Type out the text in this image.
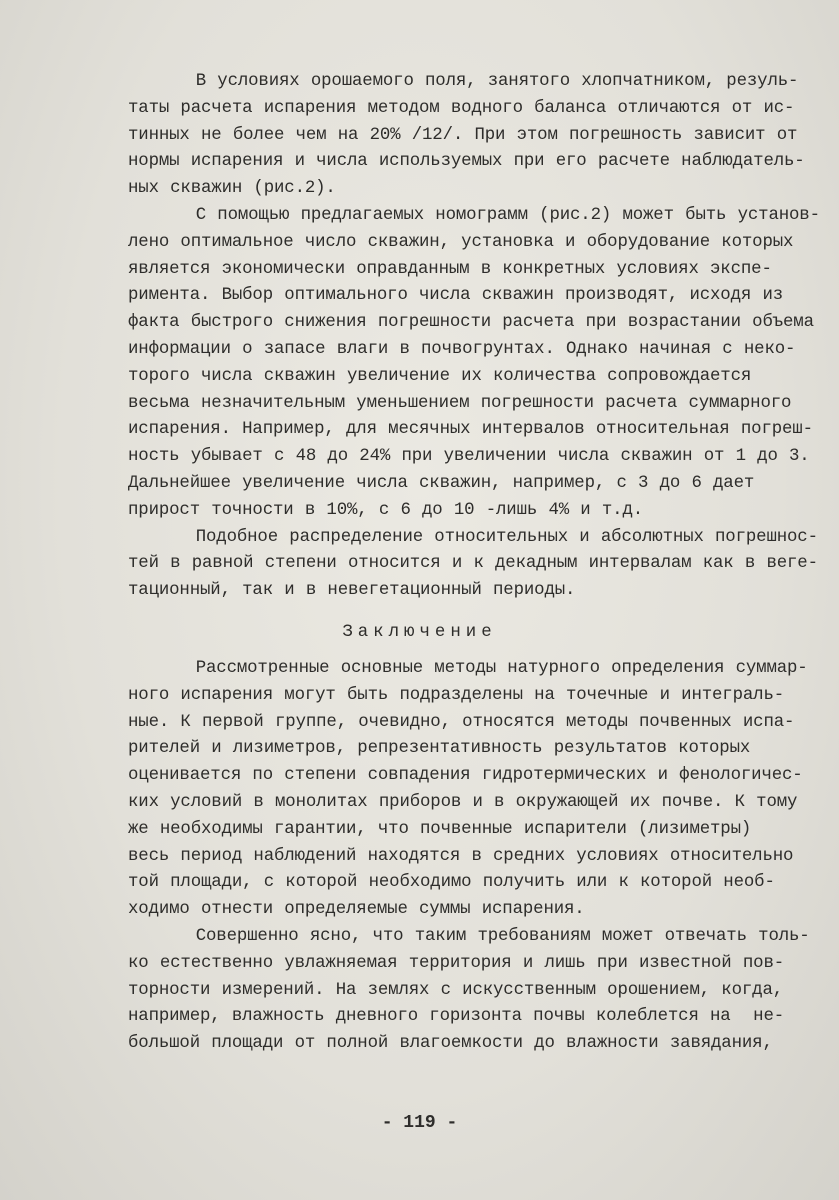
В условиях орошаемого поля, занятого хлопчатником, резуль-
таты расчета испарения методом водного баланса отличаются от ис-
тинных не более чем на 20% /12/. При этом погрешность зависит от
нормы испарения и числа используемых при его расчете наблюдатель-
ных скважин (рис.2).
С помощью предлагаемых номограмм (рис.2) может быть установ-
лено оптимальное число скважин, установка и оборудование которых
является экономически оправданным в конкретных условиях экспе-
римента. Выбор оптимального числа скважин производят, исходя из
факта быстрого снижения погрешности расчета при возрастании объема
информации о запасе влаги в почвогрунтах. Однако начиная с неко-
торого числа скважин увеличение их количества сопровождается
весьма незначительным уменьшением погрешности расчета суммарного
испарения. Например, для месячных интервалов относительная погреш-
ность убывает с 48 до 24% при увеличении числа скважин от 1 до 3.
Дальнейшее увеличение числа скважин, например, с 3 до 6 дает
прирост точности в 10%, с 6 до 10 -лишь 4% и т.д.
Подобное распределение относительных и абсолютных погрешнос-
тей в равной степени относится и к декадным интервалам как в веге-
тационный, так и в невегетационный периоды.
Заключение
Рассмотренные основные методы натурного определения суммар-
ного испарения могут быть подразделены на точечные и интеграль-
ные. К первой группе, очевидно, относятся методы почвенных испа-
рителей и лизиметров, репрезентативность результатов которых
оценивается по степени совпадения гидротермических и фенологичес-
ких условий в монолитах приборов и в окружающей их почве. К тому
же необходимы гарантии, что почвенные испарители (лизиметры)
весь период наблюдений находятся в средних условиях относительно
той площади, с которой необходимо получить или к которой необ-
ходимо отнести определяемые суммы испарения.
Совершенно ясно, что таким требованиям может отвечать толь-
ко естественно увлажняемая территория и лишь при известной пов-
торности измерений. На землях с искусственным орошением, когда,
например, влажность дневного горизонта почвы колеблется на  не-
большой площади от полной влагоемкости до влажности завядания,
- 119 -
